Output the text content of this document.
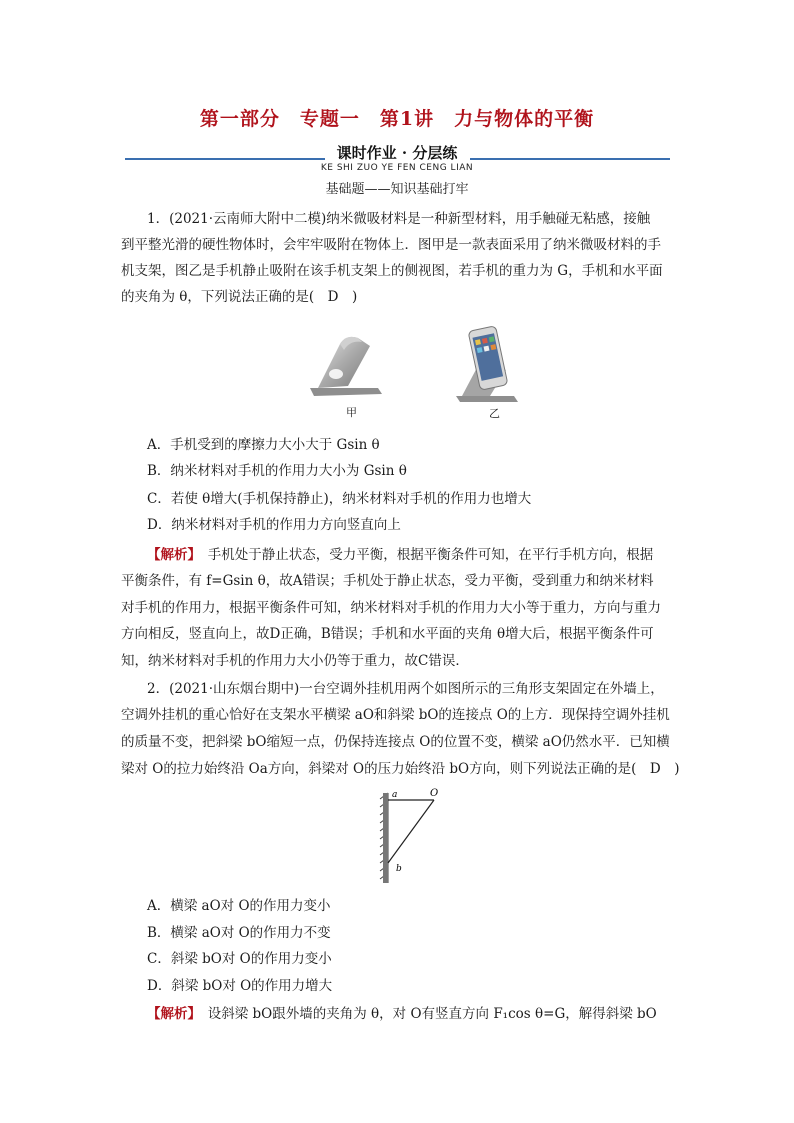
第一部分　专题一　第1讲　力与物体的平衡
课时作业 · 分层练
KE SHI ZUO YE FEN CENG LIAN
基础题——知识基础打牢
1．(2021·云南师大附中二模)纳米微吸材料是一种新型材料，用手触碰无粘感，接触
到平整光滑的硬性物体时，会牢牢吸附在物体上．图甲是一款表面采用了纳米微吸材料的手
机支架，图乙是手机静止吸附在该手机支架上的侧视图，若手机的重力为 G，手机和水平面
的夹角为 θ，下列说法正确的是(　D　)
甲	乙
A．手机受到的摩擦力大小大于 Gsin θ
B．纳米材料对手机的作用力大小为 Gsin θ
C．若使 θ增大(手机保持静止)，纳米材料对手机的作用力也增大
D．纳米材料对手机的作用力方向竖直向上
【解析】　手机处于静止状态，受力平衡，根据平衡条件可知，在平行手机方向，根据
平衡条件，有 f=Gsin θ，故A错误；手机处于静止状态，受力平衡，受到重力和纳米材料
对手机的作用力，根据平衡条件可知，纳米材料对手机的作用力大小等于重力，方向与重力
方向相反，竖直向上，故D正确，B错误；手机和水平面的夹角 θ增大后，根据平衡条件可
知，纳米材料对手机的作用力大小仍等于重力，故C错误．
2．(2021·山东烟台期中)一台空调外挂机用两个如图所示的三角形支架固定在外墙上，
空调外挂机的重心恰好在支架水平横梁 aO和斜梁 bO的连接点 O的上方．现保持空调外挂机
的质量不变，把斜梁 bO缩短一点，仍保持连接点 O的位置不变，横梁 aO仍然水平．已知横
梁对 O的拉力始终沿 Oa方向，斜梁对 O的压力始终沿 bO方向，则下列说法正确的是(　D　)
a	O
b
A．横梁 aO对 O的作用力变小
B．横梁 aO对 O的作用力不变
C．斜梁 bO对 O的作用力变小
D．斜梁 bO对 O的作用力增大
【解析】　设斜梁 bO跟外墙的夹角为 θ，对 O有竖直方向 F₁cos θ=G，解得斜梁 bO
